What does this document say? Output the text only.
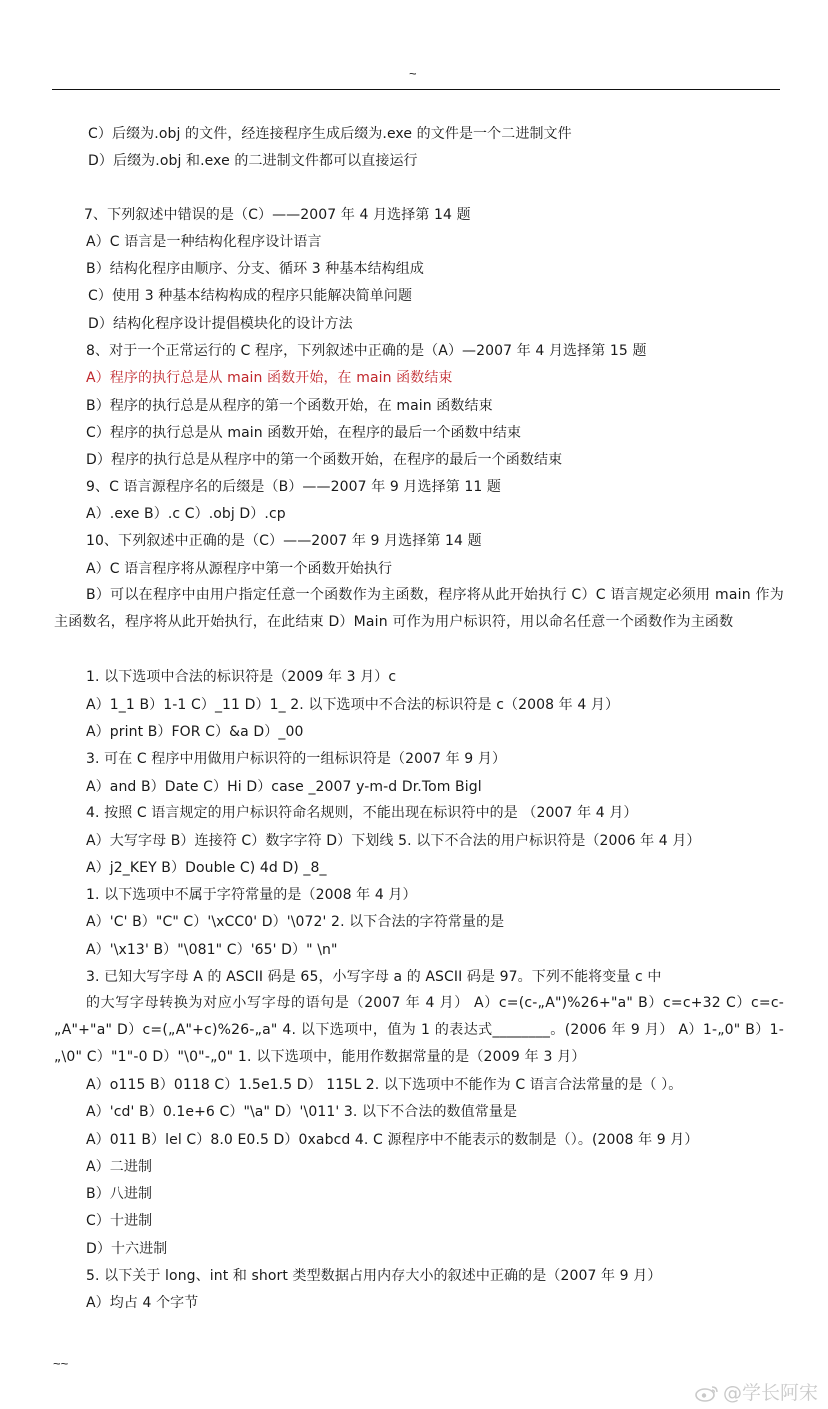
~
C）后缀为.obj 的文件，经连接程序生成后缀为.exe 的文件是一个二进制文件
D）后缀为.obj 和.exe 的二进制文件都可以直接运行
7、下列叙述中错误的是（C）——2007 年 4 月选择第 14 题
A）C 语言是一种结构化程序设计语言
B）结构化程序由顺序、分支、循环 3 种基本结构组成
C）使用 3 种基本结构构成的程序只能解决简单问题
D）结构化程序设计提倡模块化的设计方法
8、对于一个正常运行的 C 程序，下列叙述中正确的是（A）—2007 年 4 月选择第 15 题
A）程序的执行总是从 main 函数开始，在 main 函数结束
B）程序的执行总是从程序的第一个函数开始，在 main 函数结束
C）程序的执行总是从 main 函数开始，在程序的最后一个函数中结束
D）程序的执行总是从程序中的第一个函数开始，在程序的最后一个函数结束
9、C 语言源程序名的后缀是（B）——2007 年 9 月选择第 11 题
A）.exe B）.c C）.obj D）.cp
10、下列叙述中正确的是（C）——2007 年 9 月选择第 14 题
A）C 语言程序将从源程序中第一个函数开始执行
B）可以在程序中由用户指定任意一个函数作为主函数，程序将从此开始执行 C）C 语言规定必须用 main 作为主函数名，程序将从此开始执行，在此结束 D）Main 可作为用户标识符，用以命名任意一个函数作为主函数
1. 以下选项中合法的标识符是（2009 年 3 月）c
A）1_1 B）1-1 C）_11 D）1_ 2. 以下选项中不合法的标识符是 c（2008 年 4 月）
A）print B）FOR C）&a D）_00
3. 可在 C 程序中用做用户标识符的一组标识符是（2007 年 9 月）
A）and B）Date C）Hi D）case _2007 y-m-d Dr.Tom Bigl
4. 按照 C 语言规定的用户标识符命名规则，不能出现在标识符中的是 （2007 年 4 月）
A）大写字母 B）连接符 C）数字字符 D）下划线 5. 以下不合法的用户标识符是（2006 年 4 月）
A）j2_KEY B）Double C) 4d D) _8_
1. 以下选项中不属于字符常量的是（2008 年 4 月）
A）'C' B）"C" C）'\xCC0' D）'\072' 2. 以下合法的字符常量的是
A）'\x13' B）"\081" C）'65' D）" \n"
3. 已知大写字母 A 的 ASCII 码是 65，小写字母 a 的 ASCII 码是 97。下列不能将变量 c 中
的大写字母转换为对应小写字母的语句是（2007 年 4 月） A）c=(c-„A")%26+"a" B）c=c+32 C）c=c-„A"+"a" D）c=(„A"+c)%26-„a" 4. 以下选项中，值为 1 的表达式________。(2006 年 9 月） A）1-„0" B）1-„\0" C）"1"-0 D）"\0"-„0" 1. 以下选项中，能用作数据常量的是（2009 年 3 月）
A）o115 B）0118 C）1.5e1.5 D） 115L 2. 以下选项中不能作为 C 语言合法常量的是（ ）。
A）'cd' B）0.1e+6 C）"\a" D）'\011' 3. 以下不合法的数值常量是
A）011 B）lel C）8.0 E0.5 D）0xabcd 4. C 源程序中不能表示的数制是（）。(2008 年 9 月）
A）二进制
B）八进制
C）十进制
D）十六进制
5. 以下关于 long、int 和 short 类型数据占用内存大小的叙述中正确的是（2007 年 9 月）
A）均占 4 个字节
~~
@学长阿宋
